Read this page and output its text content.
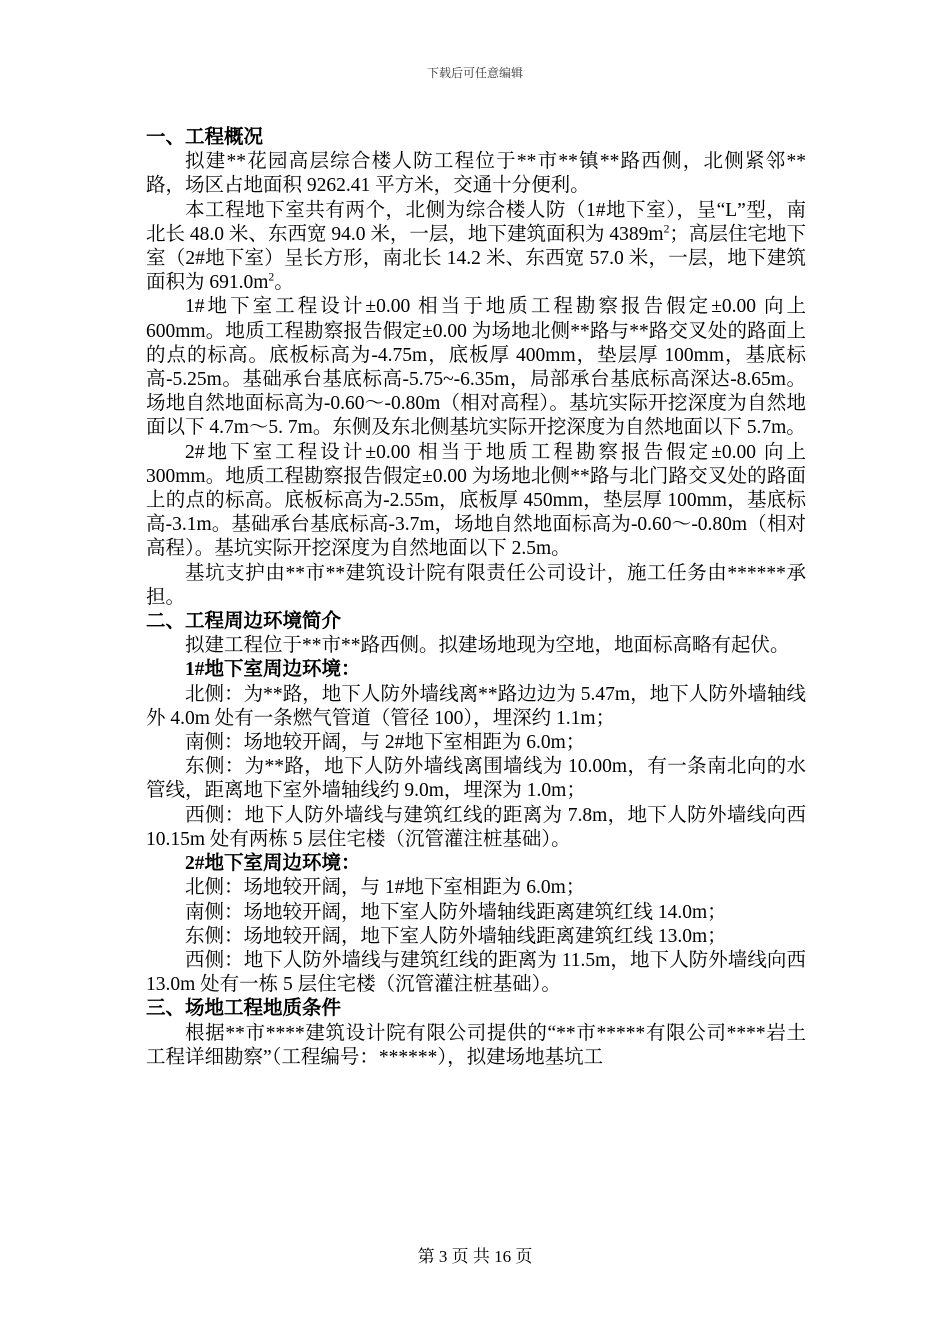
下载后可任意编辑

一、工程概况

拟建**花园高层综合楼人防工程位于**市**镇**路西侧，北侧紧邻**路，场区占地面积 9262.41 平方米，交通十分便利。

本工程地下室共有两个，北侧为综合楼人防（1#地下室），呈“L”型，南北长 48.0 米、东西宽 94.0 米，一层，地下建筑面积为 $4389m^2$；高层住宅地下室（2#地下室）呈长方形，南北长 14.2 米、东西宽 57.0 米，一层，地下建筑面积为 $691.0m^2$。

1#地下室工程设计±0.00 相当于地质工程勘察报告假定±0.00 向上 600mm。地质工程勘察报告假定±0.00 为场地北侧**路与**路交叉处的路面上的点的标高。底板标高为-4.75m，底板厚 400mm，垫层厚 100mm，基底标高-5.25m。基础承台基底标高-5.75~-6.35m，局部承台基底标高深达-8.65m。场地自然地面标高为-0.60～-0.80m（相对高程）。基坑实际开挖深度为自然地面以下 4.7m～5. 7m。东侧及东北侧基坑实际开挖深度为自然地面以下 5.7m。

2#地下室工程设计±0.00 相当于地质工程勘察报告假定±0.00 向上 300mm。地质工程勘察报告假定±0.00 为场地北侧**路与北门路交叉处的路面上的点的标高。底板标高为-2.55m，底板厚 450mm，垫层厚 100mm，基底标高-3.1m。基础承台基底标高-3.7m，场地自然地面标高为-0.60～-0.80m（相对高程）。基坑实际开挖深度为自然地面以下 2.5m。

基坑支护由**市**建筑设计院有限责任公司设计，施工任务由******承担。

二、工程周边环境简介

拟建工程位于**市**路西侧。拟建场地现为空地，地面标高略有起伏。

1#地下室周边环境：

北侧：为**路，地下人防外墙线离**路边边为 5.47m，地下人防外墙轴线外 4.0m 处有一条燃气管道（管径 100），埋深约 1.1m；

南侧：场地较开阔，与 2#地下室相距为 6.0m；

东侧：为**路，地下人防外墙线离围墙线为 10.00m，有一条南北向的水管线，距离地下室外墙轴线约 9.0m，埋深为 1.0m；

西侧：地下人防外墙线与建筑红线的距离为 7.8m，地下人防外墙线向西 10.15m 处有两栋 5 层住宅楼（沉管灌注桩基础）。

2#地下室周边环境：

北侧：场地较开阔，与 1#地下室相距为 6.0m；

南侧：场地较开阔，地下室人防外墙轴线距离建筑红线 14.0m；

东侧：场地较开阔，地下室人防外墙轴线距离建筑红线 13.0m；

西侧：地下人防外墙线与建筑红线的距离为 11.5m，地下人防外墙线向西 13.0m 处有一栋 5 层住宅楼（沉管灌注桩基础）。

三、场地工程地质条件

根据**市****建筑设计院有限公司提供的“**市*****有限公司****岩土工程详细勘察”（工程编号：******），拟建场地基坑工

第 3 页 共 16 页
